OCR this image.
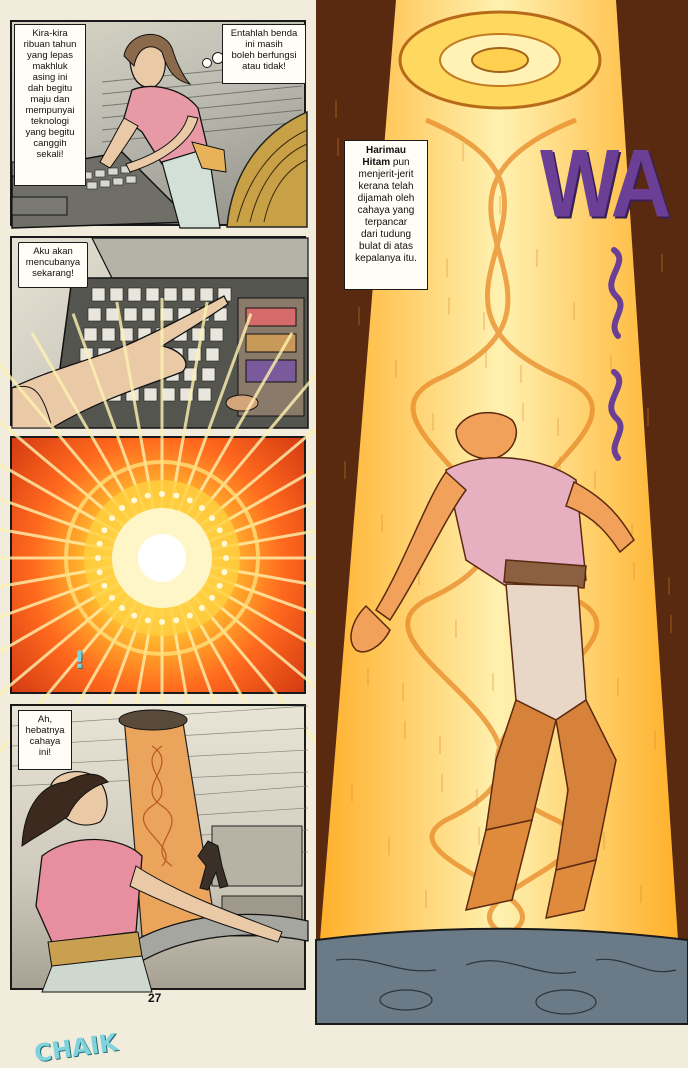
Kira-kira
ribuan tahun
yang lepas
makhluk
asing ini
dah begitu
maju dan
mempunyai
teknologi
yang begitu
canggih
sekali!
Entahlah benda
ini masih
boleh berfungsi
atau tidak!
Aku akan
mencubanya
sekarang!
CHAIK
!
Ah,
hebatnya
cahaya
ini!
Harimau
Hitam pun
menjerit-jerit
kerana telah
dijamah oleh
cahaya yang
terpancar
dari tudung
bulat di atas
kepalanya itu.
WA
27
